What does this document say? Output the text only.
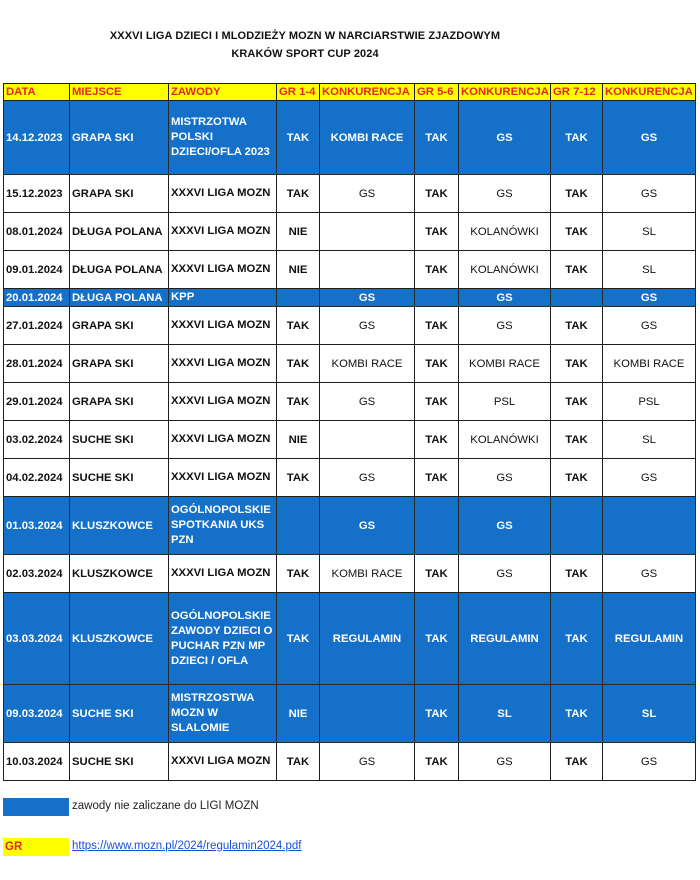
XXXVI LIGA DZIECI I MLODZIEŻY MOZN W NARCIARSTWIE ZJAZDOWYM
KRAKÓW SPORT CUP 2024
DATA	MIEJSCE	ZAWODY	GR 1-4	KONKURENCJA	GR 5-6	KONKURENCJA	GR 7-12	KONKURENCJA
14.12.2023	GRAPA SKI	MISTRZOTWA POLSKI DZIECI/OFLA 2023	TAK	KOMBI RACE	TAK	GS	TAK	GS
15.12.2023	GRAPA SKI	XXXVI LIGA MOZN	TAK	GS	TAK	GS	TAK	GS
08.01.2024	DŁUGA POLANA	XXXVI LIGA MOZN	NIE		TAK	KOLANÓWKI	TAK	SL
09.01.2024	DŁUGA POLANA	XXXVI LIGA MOZN	NIE		TAK	KOLANÓWKI	TAK	SL
20.01.2024	DŁUGA POLANA	KPP		GS		GS		GS
27.01.2024	GRAPA SKI	XXXVI LIGA MOZN	TAK	GS	TAK	GS	TAK	GS
28.01.2024	GRAPA SKI	XXXVI LIGA MOZN	TAK	KOMBI RACE	TAK	KOMBI RACE	TAK	KOMBI RACE
29.01.2024	GRAPA SKI	XXXVI LIGA MOZN	TAK	GS	TAK	PSL	TAK	PSL
03.02.2024	SUCHE SKI	XXXVI LIGA MOZN	NIE		TAK	KOLANÓWKI	TAK	SL
04.02.2024	SUCHE SKI	XXXVI LIGA MOZN	TAK	GS	TAK	GS	TAK	GS
01.03.2024	KLUSZKOWCE	OGÓLNOPOLSKIE SPOTKANIA UKS PZN		GS		GS		
02.03.2024	KLUSZKOWCE	XXXVI LIGA MOZN	TAK	KOMBI RACE	TAK	GS	TAK	GS
03.03.2024	KLUSZKOWCE	OGÓLNOPOLSKIE ZAWODY DZIECI O PUCHAR PZN MP DZIECI / OFLA	TAK	REGULAMIN	TAK	REGULAMIN	TAK	REGULAMIN
09.03.2024	SUCHE SKI	MISTRZOSTWA MOZN W SLALOMIE	NIE		TAK	SL	TAK	SL
10.03.2024	SUCHE SKI	XXXVI LIGA MOZN	TAK	GS	TAK	GS	TAK	GS
zawody nie zaliczane do LIGI MOZN
GR	https://www.mozn.pl/2024/regulamin2024.pdf
